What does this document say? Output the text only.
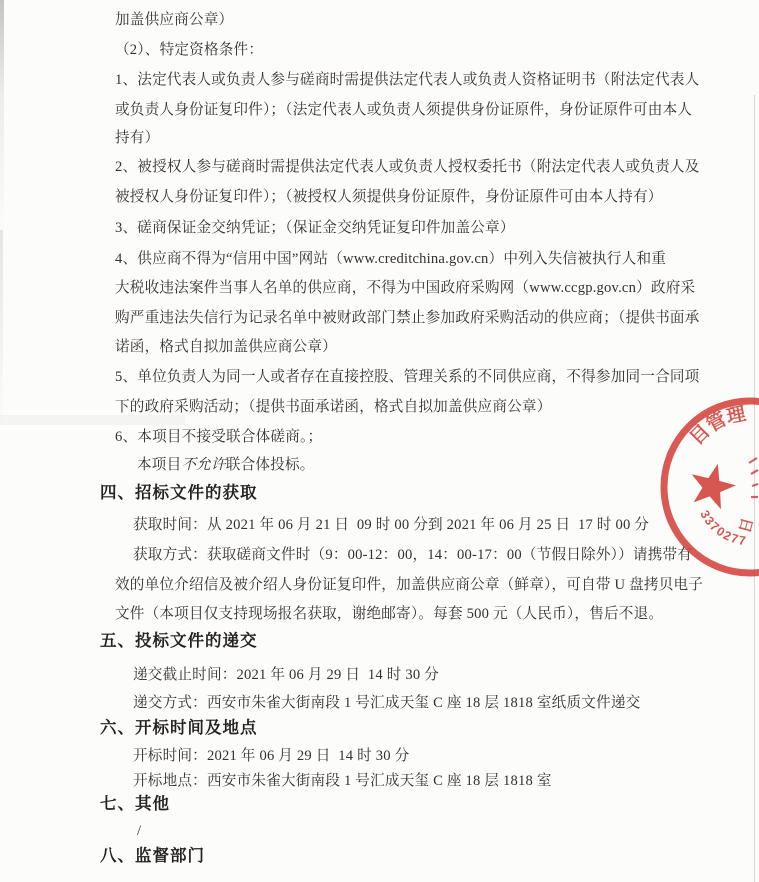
加盖供应商公章）
（2）、特定资格条件：
1、法定代表人或负责人参与磋商时需提供法定代表人或负责人资格证明书（附法定代表人
或负责人身份证复印件）；（法定代表人或负责人须提供身份证原件，身份证原件可由本人
持有）
2、被授权人参与磋商时需提供法定代表人或负责人授权委托书（附法定代表人或负责人及
被授权人身份证复印件）；（被授权人须提供身份证原件，身份证原件可由本人持有）
3、磋商保证金交纳凭证；（保证金交纳凭证复印件加盖公章）
4、供应商不得为“信用中国”网站（www.creditchina.gov.cn）中列入失信被执行人和重
大税收违法案件当事人名单的供应商，不得为中国政府采购网（www.ccgp.gov.cn）政府采
购严重违法失信行为记录名单中被财政部门禁止参加政府采购活动的供应商；（提供书面承
诺函，格式自拟加盖供应商公章）
5、单位负责人为同一人或者存在直接控股、管理关系的不同供应商，不得参加同一合同项
下的政府采购活动；（提供书面承诺函，格式自拟加盖供应商公章）
6、本项目不接受联合体磋商。；
本项目不允许联合体投标。
四、招标文件的获取
获取时间：从 2021 年 06 月 21 日  09 时 00 分到 2021 年 06 月 25 日  17 时 00 分
获取方式：获取磋商文件时（9：00-12：00，14：00-17：00（节假日除外））请携带有
效的单位介绍信及被介绍人身份证复印件，加盖供应商公章（鲜章），可自带 U 盘拷贝电子
文件（本项目仅支持现场报名获取，谢绝邮寄）。每套 500 元（人民币），售后不退。
五、投标文件的递交
递交截止时间：2021 年 06 月 29 日  14 时 30 分
递交方式：西安市朱雀大街南段 1 号汇成天玺 C 座 18 层 1818 室纸质文件递交
六、开标时间及地点
开标时间：2021 年 06 月 29 日  14 时 30 分
开标地点：西安市朱雀大街南段 1 号汇成天玺 C 座 18 层 1818 室
七、其他
/
八、监督部门
目管理
日
3370277
